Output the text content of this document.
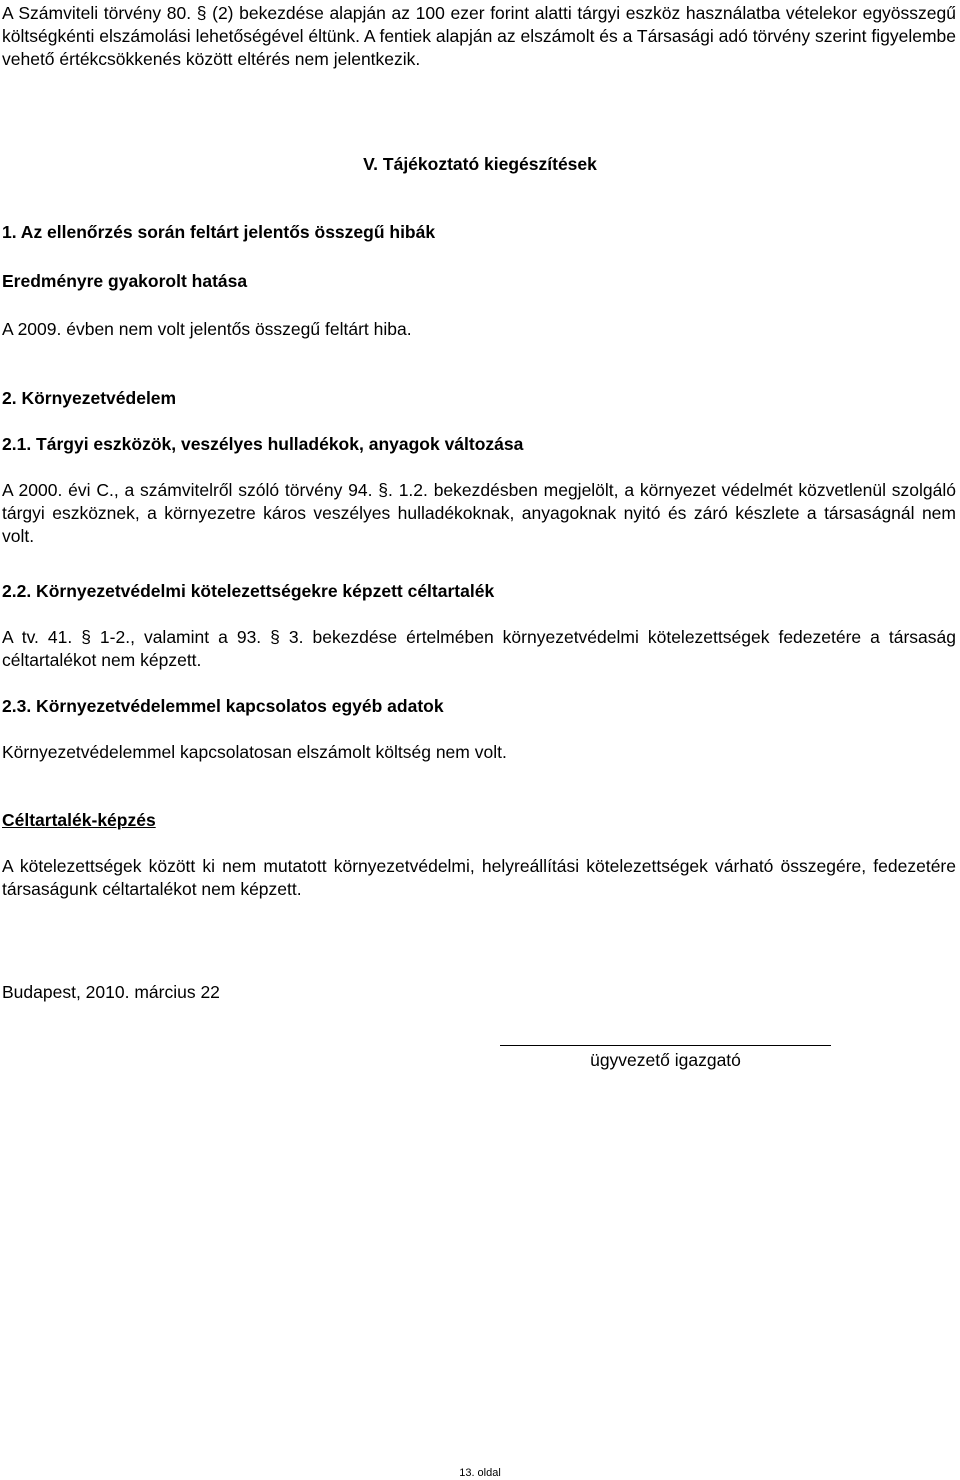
A Számviteli törvény 80. § (2) bekezdése alapján az 100 ezer forint alatti tárgyi eszköz használatba vételekor egyösszegű költségkénti elszámolási lehetőségével éltünk. A fentiek alapján az elszámolt és a Társasági adó törvény szerint figyelembe vehető értékcsökkenés között eltérés nem jelentkezik.

V. Tájékoztató kiegészítések
1. Az ellenőrzés során feltárt jelentős összegű hibák
Eredményre gyakorolt hatása
A 2009. évben nem volt jelentős összegű feltárt hiba.
2. Környezetvédelem
2.1. Tárgyi eszközök, veszélyes hulladékok, anyagok változása

A 2000. évi C., a számvitelről szóló törvény 94. §. 1.2. bekezdésben megjelölt, a környezet védelmét közvetlenül szolgáló tárgyi eszköznek, a környezetre káros veszélyes hulladékoknak, anyagoknak nyitó és záró készlete a társaságnál nem volt.

2.2. Környezetvédelmi kötelezettségekre képzett céltartalék

A tv. 41. § 1-2., valamint a 93. § 3. bekezdése értelmében környezetvédelmi kötelezettségek fedezetére a társaság céltartalékot nem képzett.

2.3. Környezetvédelemmel kapcsolatos egyéb adatok
Környezetvédelemmel kapcsolatosan elszámolt költség nem volt.
Céltartalék-képzés

A kötelezettségek között ki nem mutatott környezetvédelmi, helyreállítási kötelezettségek várható összegére, fedezetére társaságunk céltartalékot nem képzett.

Budapest, 2010. március 22
ügyvezető igazgató
13. oldal
